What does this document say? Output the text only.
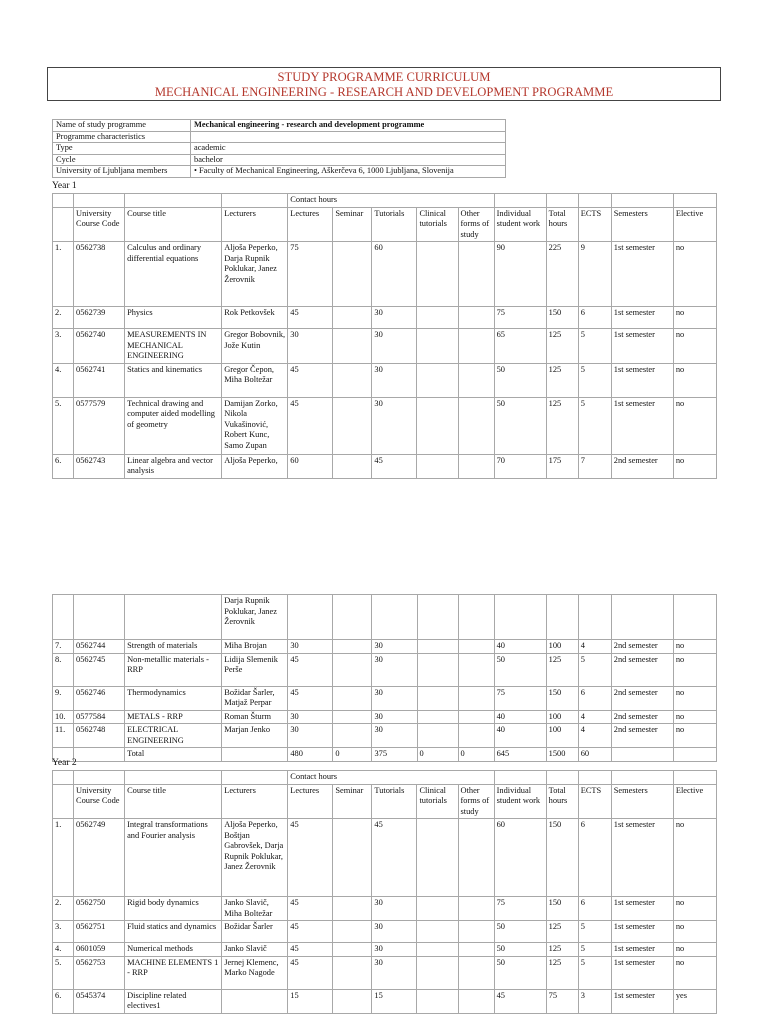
STUDY PROGRAMME CURRICULUM
MECHANICAL ENGINEERING - RESEARCH AND DEVELOPMENT PROGRAMME
Name of study programme	Mechanical engineering - research and development programme
Programme characteristics	
Type	academic
Cycle	bachelor
University of Ljubljana members	• Faculty of Mechanical Engineering, Aškerčeva 6, 1000 Ljubljana, Slovenija
Year 1
				Contact hours									
	University Course Code	Course title	Lecturers	Lectures	Seminar	Tutorials	Clinical tutorials	Other forms of study	Individual student work	Total hours	ECTS	Semesters	Elective
1.	0562738	Calculus and ordinary differential equations	Aljoša Peperko, Darja Rupnik Poklukar, Janez Žerovnik	75		60			90	225	9	1st semester	no
2.	0562739	Physics	Rok Petkovšek	45		30			75	150	6	1st semester	no
3.	0562740	MEASUREMENTS IN MECHANICAL ENGINEERING	Gregor Bobovnik, Jože Kutin	30		30			65	125	5	1st semester	no
4.	0562741	Statics and kinematics	Gregor Čepon, Miha Boltežar	45		30			50	125	5	1st semester	no
5.	0577579	Technical drawing and computer aided modelling of geometry	Damijan Zorko, Nikola Vukašinović, Robert Kunc, Samo Zupan	45		30			50	125	5	1st semester	no
6.	0562743	Linear algebra and vector analysis	Aljoša Peperko,	60		45			70	175	7	2nd semester	no
			Darja Rupnik Poklukar, Janez Žerovnik										
7.	0562744	Strength of materials	Miha Brojan	30		30			40	100	4	2nd semester	no
8.	0562745	Non-metallic materials - RRP	Lidija Slemenik Perše	45		30			50	125	5	2nd semester	no
9.	0562746	Thermodynamics	Božidar Šarler, Matjaž Perpar	45		30			75	150	6	2nd semester	no
10.	0577584	METALS - RRP	Roman Šturm	30		30			40	100	4	2nd semester	no
11.	0562748	ELECTRICAL ENGINEERING	Marjan Jenko	30		30			40	100	4	2nd semester	no
		Total		480	0	375	0	0	645	1500	60		
Year 2
				Contact hours									
	University Course Code	Course title	Lecturers	Lectures	Seminar	Tutorials	Clinical tutorials	Other forms of study	Individual student work	Total hours	ECTS	Semesters	Elective
1.	0562749	Integral transformations and Fourier analysis	Aljoša Peperko, Boštjan Gabrovšek, Darja Rupnik Poklukar, Janez Žerovnik	45		45			60	150	6	1st semester	no
2.	0562750	Rigid body dynamics	Janko Slavič, Miha Boltežar	45		30			75	150	6	1st semester	no
3.	0562751	Fluid statics and dynamics	Božidar Šarler	45		30			50	125	5	1st semester	no
4.	0601059	Numerical methods	Janko Slavič	45		30			50	125	5	1st semester	no
5.	0562753	MACHINE ELEMENTS 1 - RRP	Jernej Klemenc, Marko Nagode	45		30			50	125	5	1st semester	no
6.	0545374	Discipline related electives1		15		15			45	75	3	1st semester	yes
